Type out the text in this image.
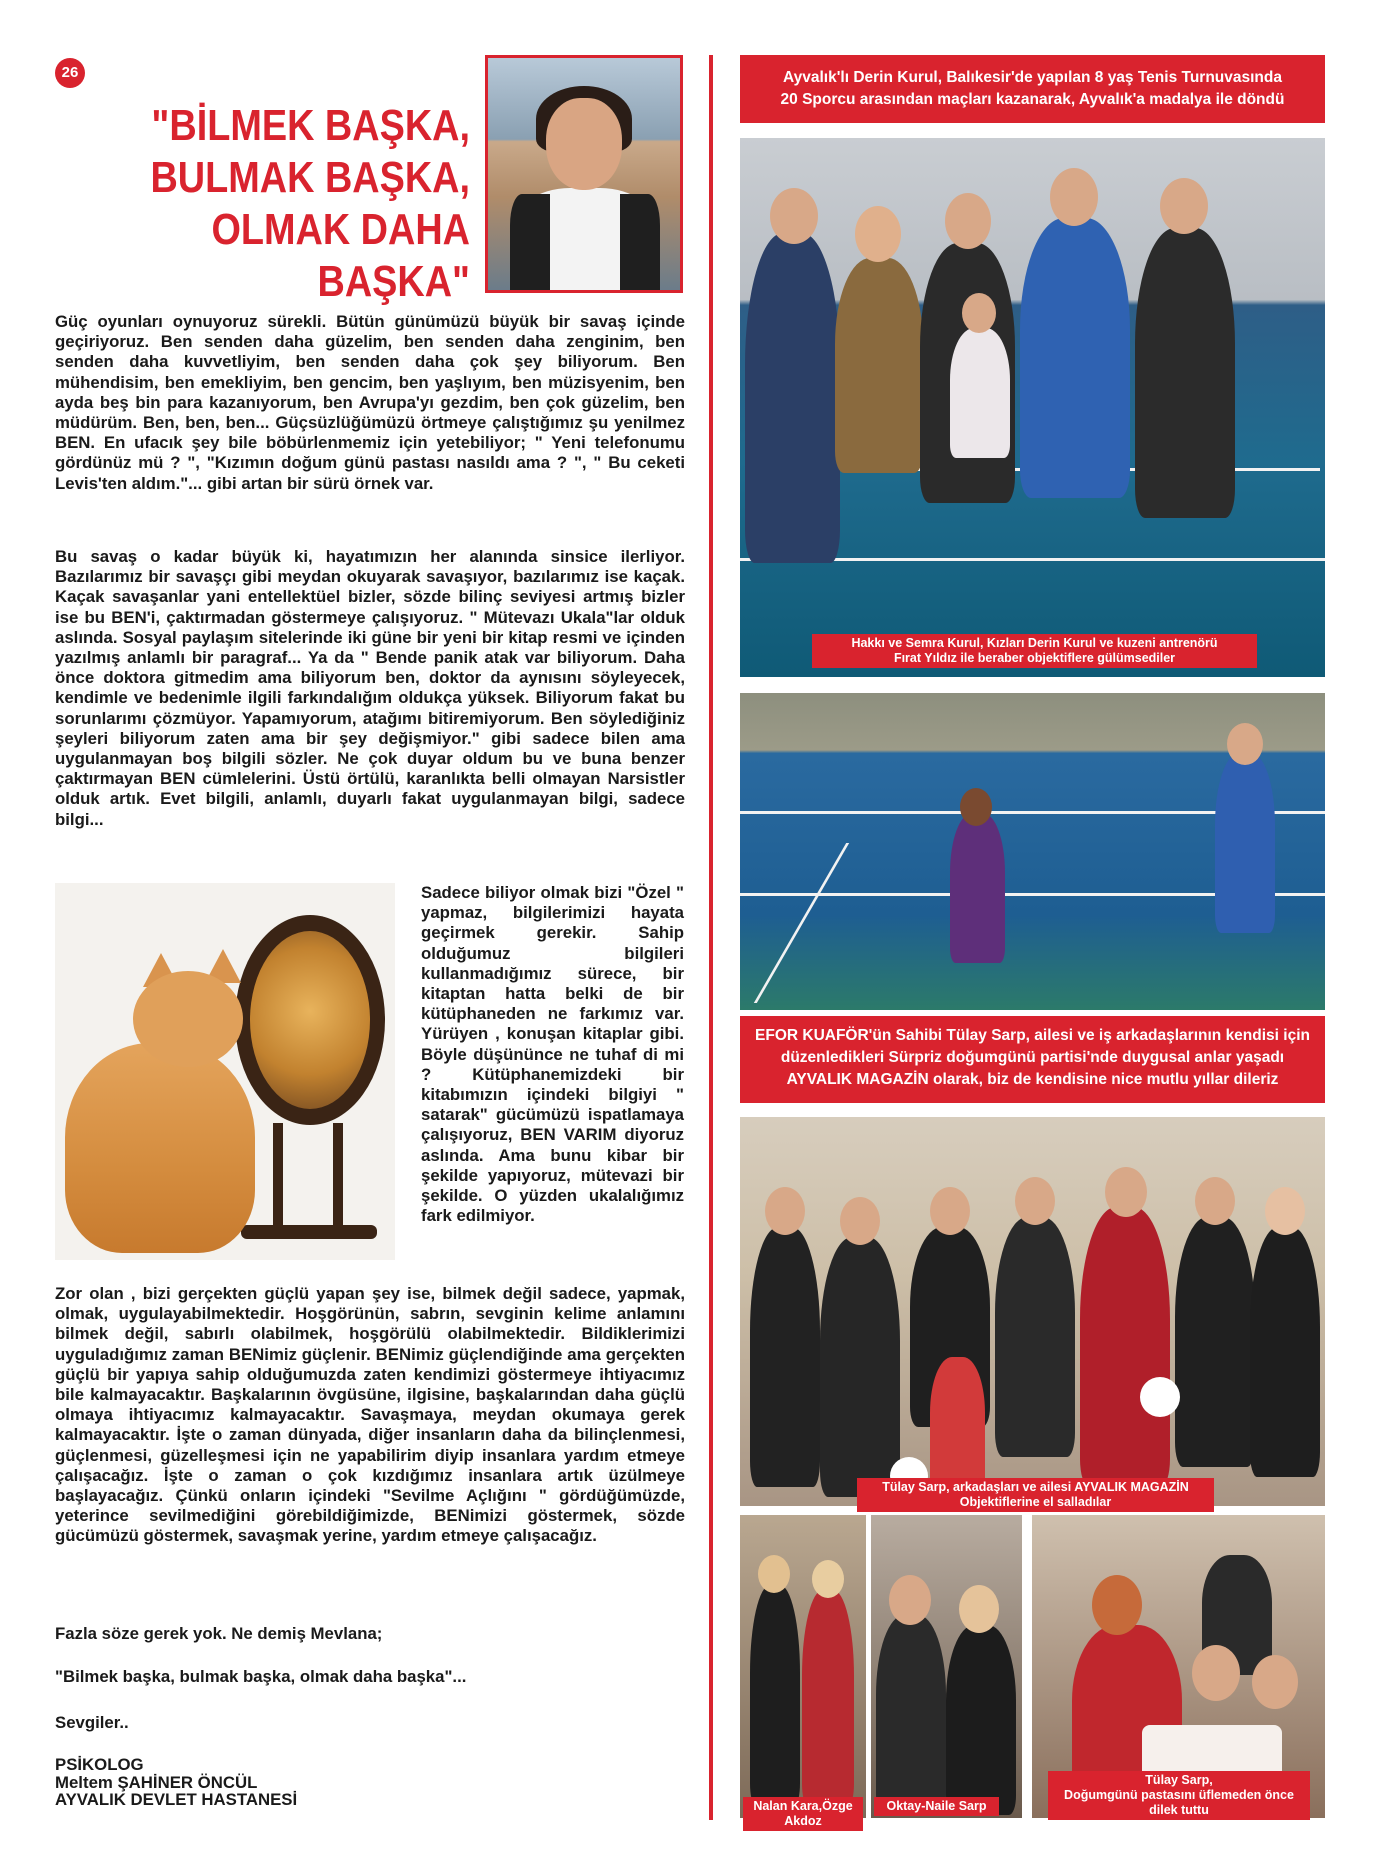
26
"BİLMEK BAŞKA,
BULMAK BAŞKA,
OLMAK DAHA BAŞKA"

Güç oyunları oynuyoruz sürekli. Bütün günümüzü büyük bir savaş içinde geçiriyoruz. Ben senden daha güzelim, ben senden daha zenginim, ben senden daha kuvvetliyim, ben senden daha çok şey biliyorum. Ben mühendisim, ben emekliyim, ben gencim, ben yaşlıyım, ben müzisyenim, ben ayda beş bin para kazanıyorum, ben Avrupa'yı gezdim, ben çok güzelim, ben müdürüm. Ben, ben, ben... Güçsüzlüğümüzü örtmeye çalıştığımız şu yenilmez BEN. En ufacık şey bile böbürlenmemiz için yetebiliyor; " Yeni telefonumu gördünüz mü ? ", "Kızımın doğum günü pastası nasıldı ama ? ", " Bu ceketi Levis'ten aldım."... gibi artan bir sürü örnek var.

Bu savaş o kadar büyük ki, hayatımızın her alanında sinsice ilerliyor. Bazılarımız bir savaşçı gibi meydan okuyarak savaşıyor, bazılarımız ise kaçak. Kaçak savaşanlar yani entellektüel bizler, sözde bilinç seviyesi artmış bizler ise bu BEN'i, çaktırmadan göstermeye çalışıyoruz. " Mütevazı Ukala"lar olduk aslında. Sosyal paylaşım sitelerinde iki güne bir yeni bir kitap resmi ve içinden yazılmış anlamlı bir paragraf... Ya da " Bende panik atak var biliyorum. Daha önce doktora gitmedim ama biliyorum ben, doktor da aynısını söyleyecek, kendimle ve bedenimle ilgili farkındalığım oldukça yüksek. Biliyorum fakat bu sorunlarımı çözmüyor. Yapamıyorum, atağımı bitiremiyorum. Ben söylediğiniz şeyleri biliyorum zaten ama bir şey değişmiyor." gibi sadece bilen ama uygulanmayan boş bilgili sözler. Ne çok duyar oldum bu ve buna benzer çaktırmayan BEN cümlelerini. Üstü örtülü, karanlıkta belli olmayan Narsistler olduk artık. Evet bilgili, anlamlı, duyarlı fakat uygulanmayan bilgi, sadece bilgi...

Sadece biliyor olmak bizi "Özel " yapmaz, bilgilerimizi hayata geçirmek gerekir. Sahip olduğumuz bilgileri kullanmadığımız sürece, bir kitaptan hatta belki de bir kütüphaneden ne farkımız var. Yürüyen , konuşan kitaplar gibi. Böyle düşününce ne tuhaf di mi ? Kütüphanemizdeki bir kitabımızın içindeki bilgiyi " satarak" gücümüzü ispatlamaya çalışıyoruz, BEN VARIM diyoruz aslında. Ama bunu kibar bir şekilde yapıyoruz, mütevazi bir şekilde. O yüzden ukalalığımız fark edilmiyor.

Zor olan , bizi gerçekten güçlü yapan şey ise, bilmek değil sadece, yapmak, olmak, uygulayabilmektedir. Hoşgörünün, sabrın, sevginin kelime anlamını bilmek değil, sabırlı olabilmek, hoşgörülü olabilmektedir. Bildiklerimizi uyguladığımız zaman BENimiz güçlenir. BENimiz güçlendiğinde ama gerçekten güçlü bir yapıya sahip olduğumuzda zaten kendimizi göstermeye ihtiyacımız bile kalmayacaktır. Başkalarının övgüsüne, ilgisine, başkalarından daha güçlü olmaya ihtiyacımız kalmayacaktır. Savaşmaya, meydan okumaya gerek kalmayacaktır. İşte o zaman dünyada, diğer insanların daha da bilinçlenmesi, güçlenmesi, güzelleşmesi için ne yapabilirim diyip insanlara yardım etmeye çalışacağız. İşte o zaman o çok kızdığımız insanlara artık üzülmeye başlayacağız. Çünkü onların içindeki "Sevilme Açlığını " gördüğümüzde, yeterince sevilmediğini görebildiğimizde, BENimizi göstermek, sözde gücümüzü göstermek, savaşmak yerine, yardım etmeye çalışacağız.

Fazla söze gerek yok. Ne demiş Mevlana;

"Bilmek başka, bulmak başka, olmak daha başka"...

Sevgiler..

PSİKOLOG
Meltem ŞAHİNER ÖNCÜL
AYVALIK DEVLET HASTANESİ
Ayvalık'lı Derin Kurul, Balıkesir'de yapılan 8 yaş Tenis Turnuvasında
20 Sporcu arasından maçları kazanarak, Ayvalık'a madalya ile döndü
Hakkı ve Semra Kurul, Kızları Derin Kurul ve kuzeni antrenörü
Fırat Yıldız ile beraber objektiflere gülümsediler
EFOR KUAFÖR'ün Sahibi Tülay Sarp, ailesi ve iş arkadaşlarının kendisi için
düzenledikleri Sürpriz doğumgünü partisi'nde duygusal anlar yaşadı
AYVALIK MAGAZİN olarak, biz de kendisine nice mutlu yıllar dileriz
Tülay Sarp, arkadaşları ve ailesi AYVALIK MAGAZİN Objektiflerine el salladılar
Nalan Kara,Özge Akdoz
Oktay-Naile Sarp
Tülay Sarp,
Doğumgünü pastasını üflemeden önce dilek tuttu
